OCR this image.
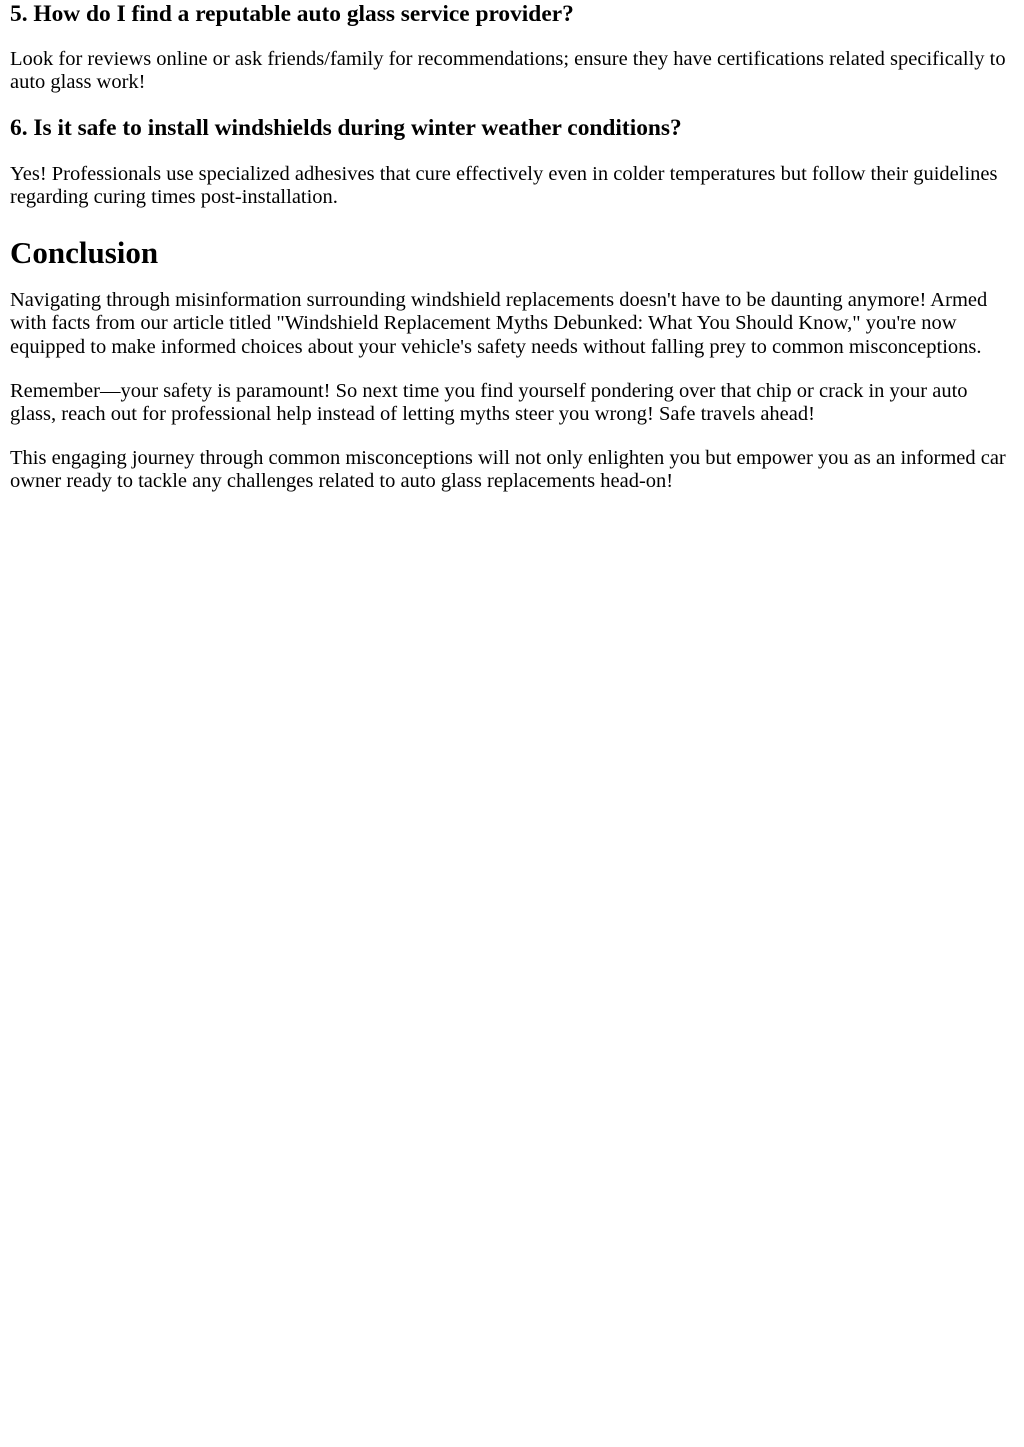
5. How do I find a reputable auto glass service provider?

Look for reviews online or ask friends/family for recommendations; ensure they have certifications related specifically to auto glass work!

6. Is it safe to install windshields during winter weather conditions?

Yes! Professionals use specialized adhesives that cure effectively even in colder temperatures but follow their guidelines regarding curing times post-installation.

Conclusion

Navigating through misinformation surrounding windshield replacements doesn't have to be daunting anymore! Armed with facts from our article titled "Windshield Replacement Myths Debunked: What You Should Know," you're now equipped to make informed choices about your vehicle's safety needs without falling prey to common misconceptions.

Remember—your safety is paramount! So next time you find yourself pondering over that chip or crack in your auto glass, reach out for professional help instead of letting myths steer you wrong! Safe travels ahead!

This engaging journey through common misconceptions will not only enlighten you but empower you as an informed car owner ready to tackle any challenges related to auto glass replacements head-on!
